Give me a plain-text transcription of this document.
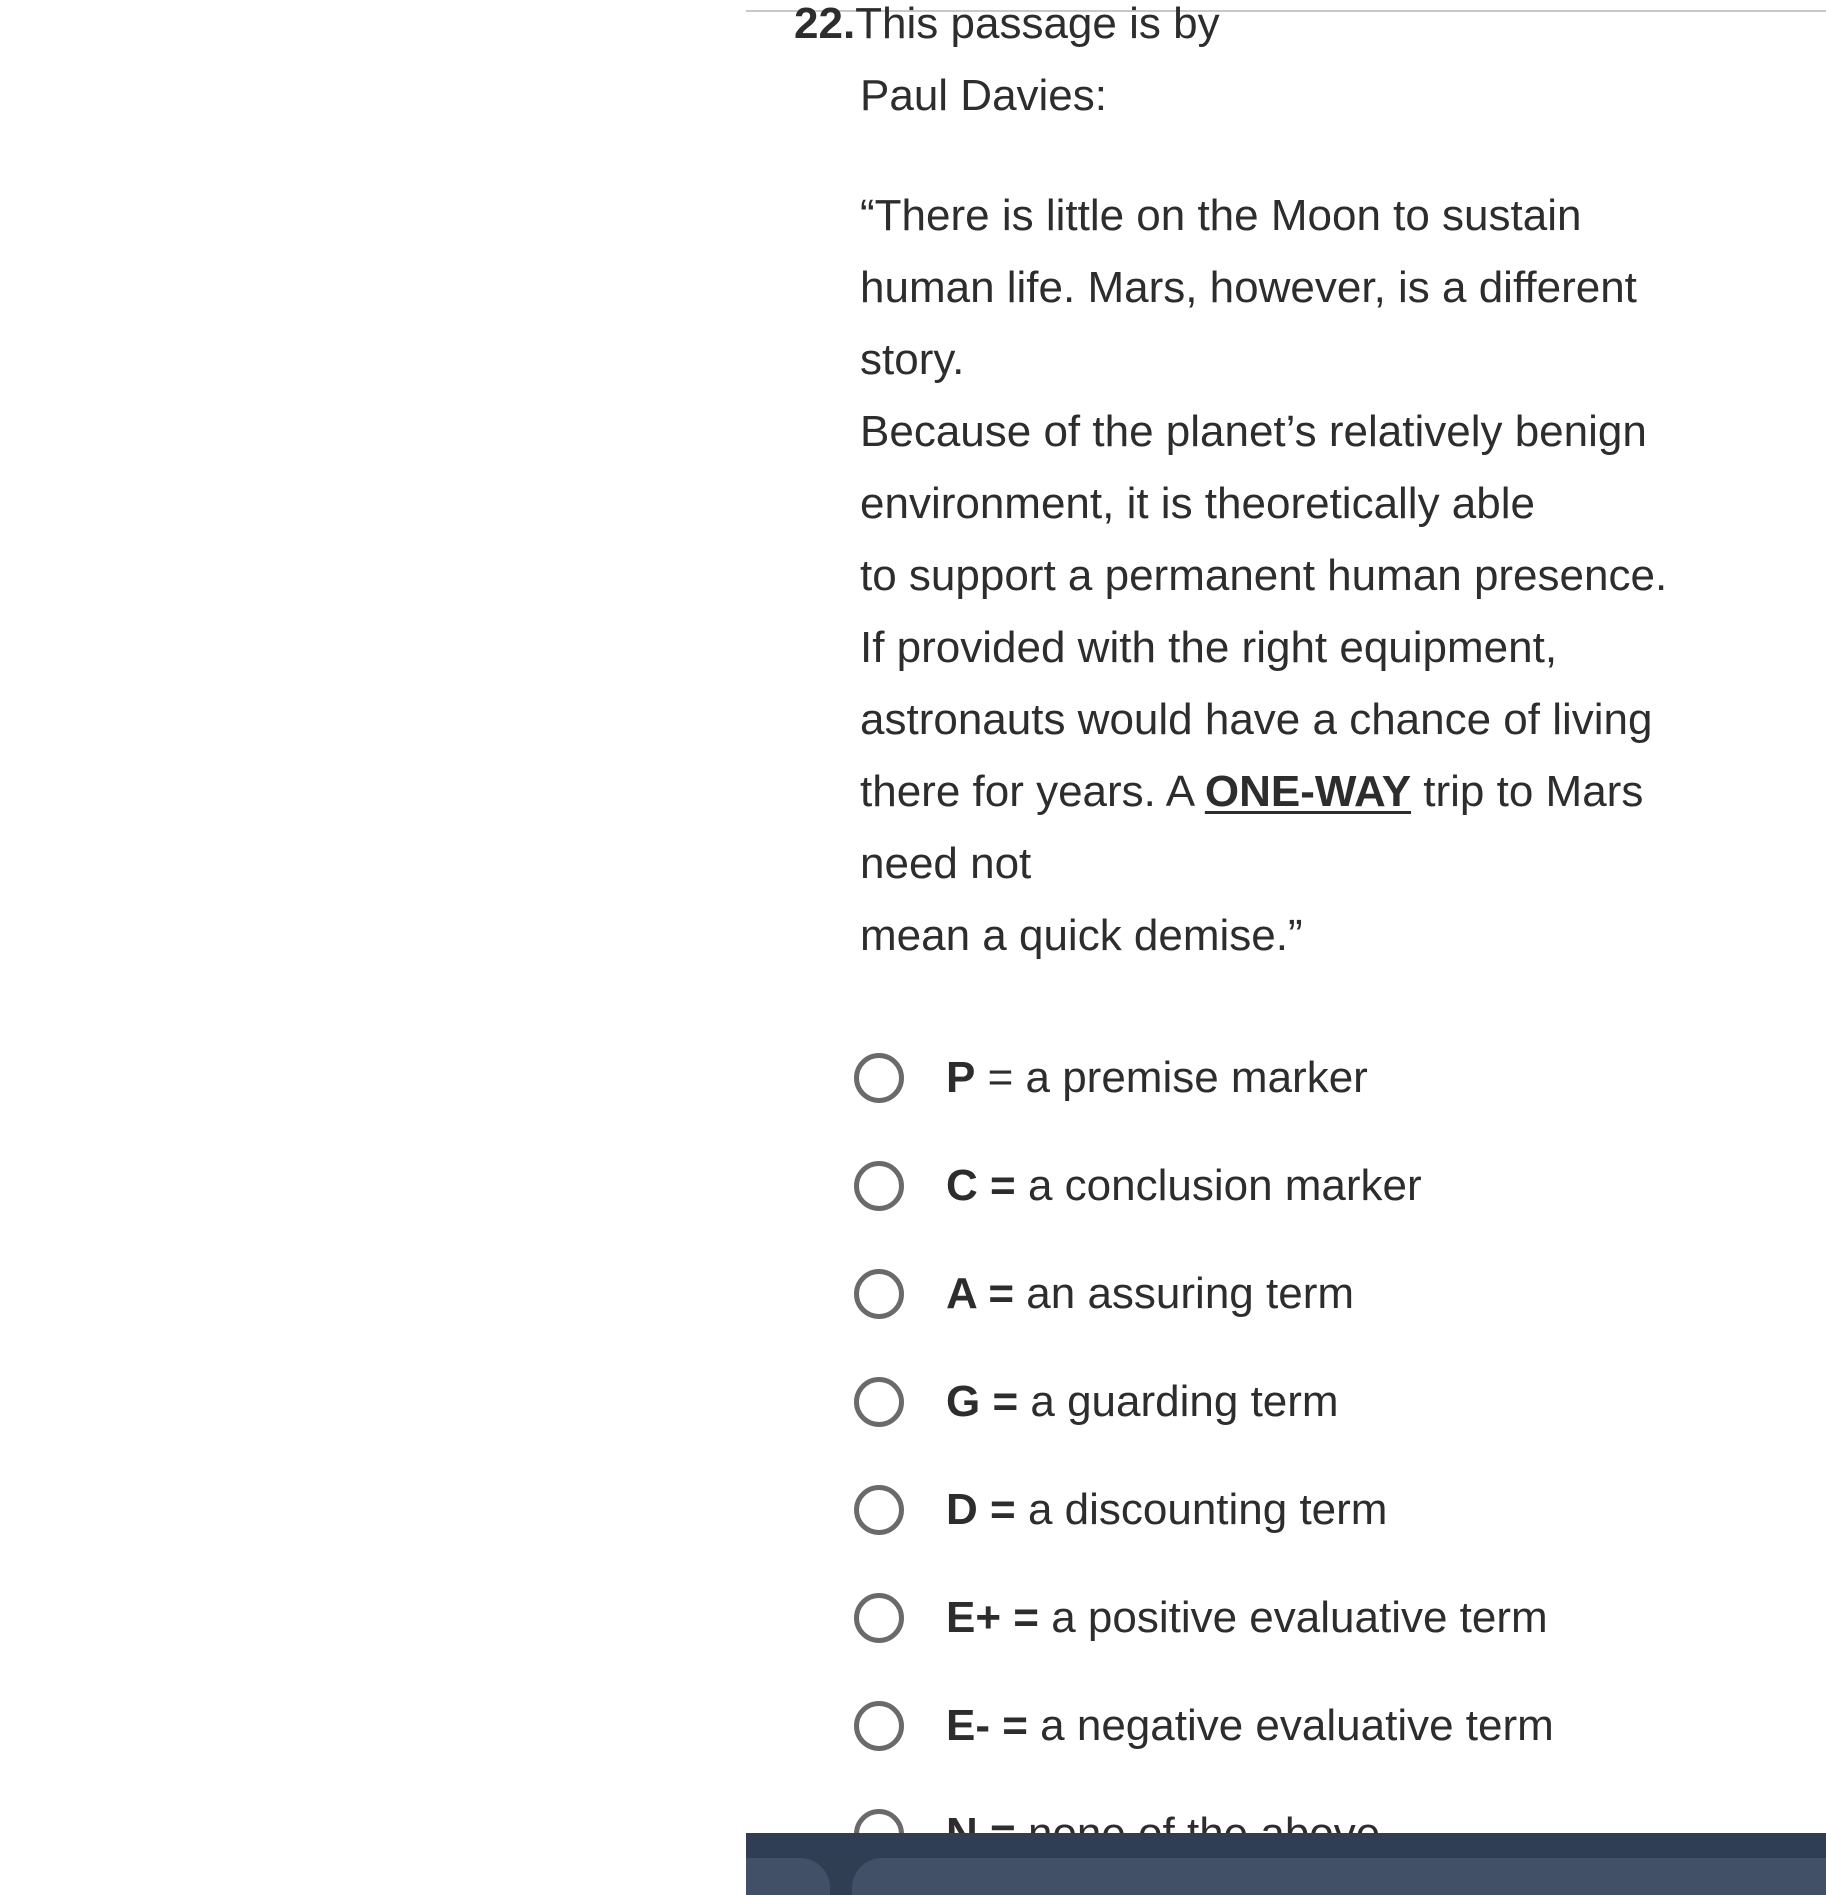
22.This passage is by
Paul Davies:
“There is little on the Moon to sustain
human life. Mars, however, is a different
story.
Because of the planet’s relatively benign
environment, it is theoretically able
to support a permanent human presence.
If provided with the right equipment,
astronauts would have a chance of living
there for years. A ONE-WAY trip to Mars
need not
mean a quick demise.”
P = a premise marker
C = a conclusion marker
A = an assuring term
G = a guarding term
D = a discounting term
E+ = a positive evaluative term
E- = a negative evaluative term
